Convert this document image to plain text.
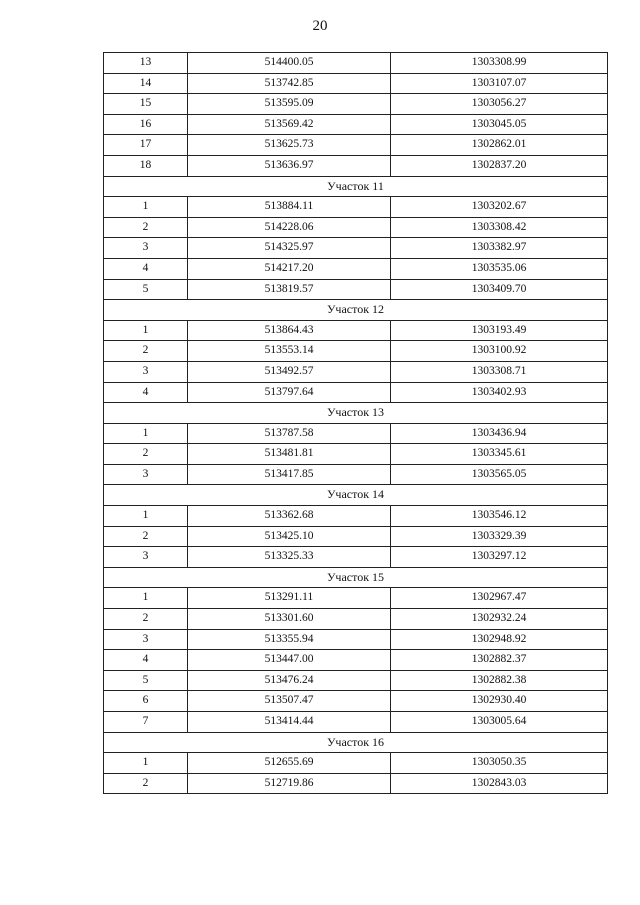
20
13	514400.05	1303308.99
14	513742.85	1303107.07
15	513595.09	1303056.27
16	513569.42	1303045.05
17	513625.73	1302862.01
18	513636.97	1302837.20
Участок 11		
1	513884.11	1303202.67
2	514228.06	1303308.42
3	514325.97	1303382.97
4	514217.20	1303535.06
5	513819.57	1303409.70
Участок 12		
1	513864.43	1303193.49
2	513553.14	1303100.92
3	513492.57	1303308.71
4	513797.64	1303402.93
Участок 13		
1	513787.58	1303436.94
2	513481.81	1303345.61
3	513417.85	1303565.05
Участок 14		
1	513362.68	1303546.12
2	513425.10	1303329.39
3	513325.33	1303297.12
Участок 15		
1	513291.11	1302967.47
2	513301.60	1302932.24
3	513355.94	1302948.92
4	513447.00	1302882.37
5	513476.24	1302882.38
6	513507.47	1302930.40
7	513414.44	1303005.64
Участок 16		
1	512655.69	1303050.35
2	512719.86	1302843.03
